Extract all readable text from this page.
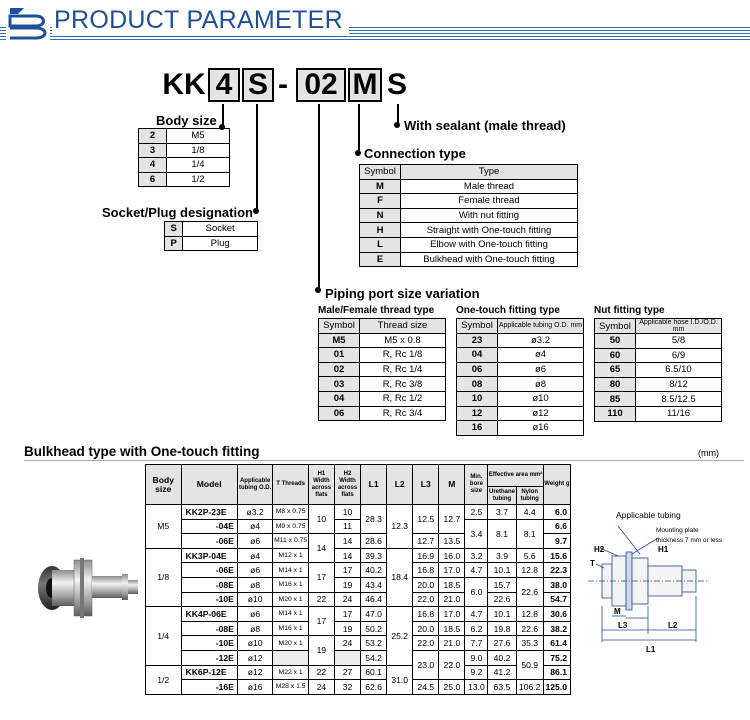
PRODUCT PARAMETER
KK 4 S - 02 M S
With sealant (male thread)
Connection type
Body size
Socket/Plug designation
Piping port size variation
2	M5
3	1/8
4	1/4
6	1/2
S	Socket
P	Plug
Symbol	Type
M	Male thread
F	Female thread
N	With nut fitting
H	Straight with One-touch fitting
L	Elbow with One-touch fitting
E	Bulkhead with One-touch fitting
Male/Female thread type One-touch fitting type	Nut fitting type
Symbol	Thread size
M5	M5 x 0.8
01	R, Rc 1/8
02	R, Rc 1/4
03	R, Rc 3/8
04	R, Rc 1/2
06	R, Rc 3/4
Symbol	Applicable tubing O.D. mm
23	ø3.2
04	ø4
06	ø6
08	ø8
10	ø10
12	ø12
16	ø16
Symbol	Applicable hose I.D./O.D. mm
50	5/8
60	6/9
65	6.5/10
80	8/12
85	8.5/12.5
110	11/16
Bulkhead type with One-touch fitting	(mm)
Body size	Model	Applicable tubing O.D.	T Threads	H1 Width across flats	H2 Width across flats	L1	L2	L3	M	Min. bore size	Effective area mm²		Weight g
											Urethane tubing	Nylon tubing	
M5	KK2P-23E	ø3.2	M8 x 0.75	10	10	28.3	12.3	12.5	12.7	2.5	3.7	4.4	6.0
	-04E	ø4	M9 x 0.75		11					3.4	8.1	8.1	6.6
	-06E	ø6	M11 x 0.75	14	14	28.6		12.7	13.5				9.7
1/8	KK3P-04E	ø4	M12 x 1		14	39.3	18.4	16.9	16.0	3.2	3.9	5.6	15.6
	-06E	ø6	M14 x 1	17	17	40.2		16.8	17.0	4.7	10.1	12.8	22.3
	-08E	ø8	M16 x 1		19	43.4		20.0	18.5	6.0	15.7	22.6	38.0
	-10E	ø10	M20 x 1	22	24	46.4		22.0	21.0		22.6		54.7
1/4	KK4P-06E	ø6	M14 x 1	17	17	47.0	25.2	16.8	17.0	4.7	10.1	12.8	30.6
	-08E	ø8	M16 x 1		19	50.2		20.0	18.5	6.2	19.8	22.6	38.2
	-10E	ø10	M20 x 1	19	24	53.2		22.0	21.0	7.7	27.6	35.3	61.4
	-12E	ø12				54.2		23.0	22.0	9.0	40.2	50.9	75.2
1/2	KK6P-12E	ø12	M22 x 1	22	27	60.1	31.0			9.2	41.2		86.1
	-16E	ø16	M28 x 1.5	24	32	62.6		24.5	25.0	13.0	63.5	106.2	125.0
Applicable tubing
Mounting plate
thickness 7 mm or less
T
H2	H1
M
L3	L2
L1
